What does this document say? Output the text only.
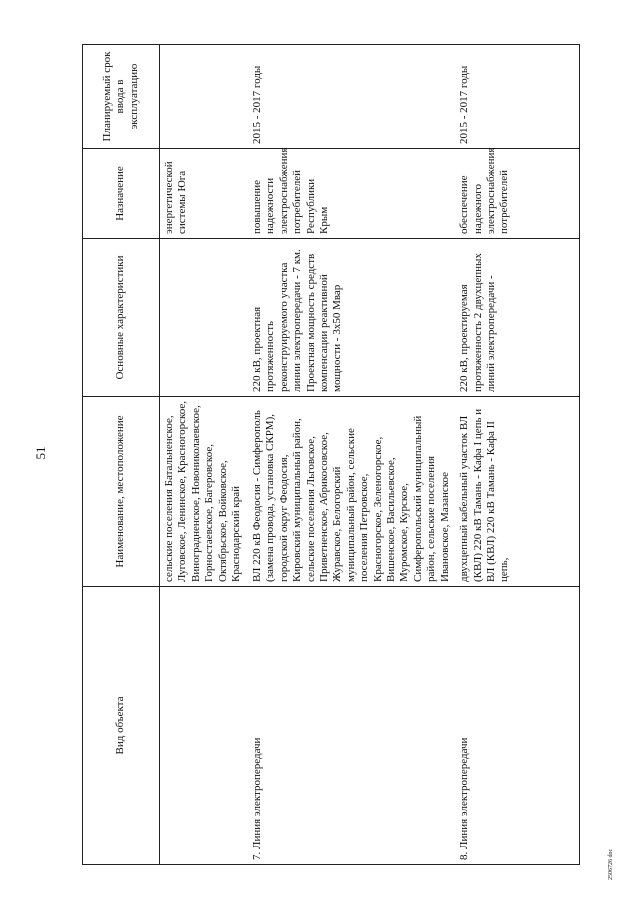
51
Вид объекта	Наименование, местоположение	Основные характеристики	Назначение	Планируемый срок ввода в эксплуатацию
	сельские поселения Батальненское, Луговское, Ленинское, Красногорское, Виноградненское, Новониколаевское, Горностаевское, Багеровское, Октябрьское, Войковское, Краснодарский край		энергетической системы Юга	
7. Линия электропередачи	ВЛ 220 кВ Феодосия - Симферополь (замена провода, установка СКРМ), городской округ Феодосия, Кировский муниципальный район, сельские поселения Льговское, Приветненское, Абрикосовское, Журавское, Белогорский муниципальный район, сельские поселения Петровское, Красногорское, Зеленогорское, Вишенское, Васильевское, Муромское, Курское, Симферопольский муниципальный район, сельские поселения Ивановское, Мазанское	220 кВ, проектная протяженность реконструируемого участка линии электропередачи - 7 км. Проектная мощность средств компенсации реактивной мощности - 3x50 Мвар	повышение надежности электроснабжения потребителей Республики Крым	2015 - 2017 годы
8. Линия электропередачи	двухцепный кабельный участок ВЛ (КВЛ) 220 кВ Тамань - Кафа I цепь и ВЛ (КВЛ) 220 кВ Тамань - Кафа II цепь,	220 кВ, проектируемая протяженность 2 двухцепных линий электропередачи -	обеспечение надежного электроснабжения потребителей	2015 - 2017 годы
2506726 doc
